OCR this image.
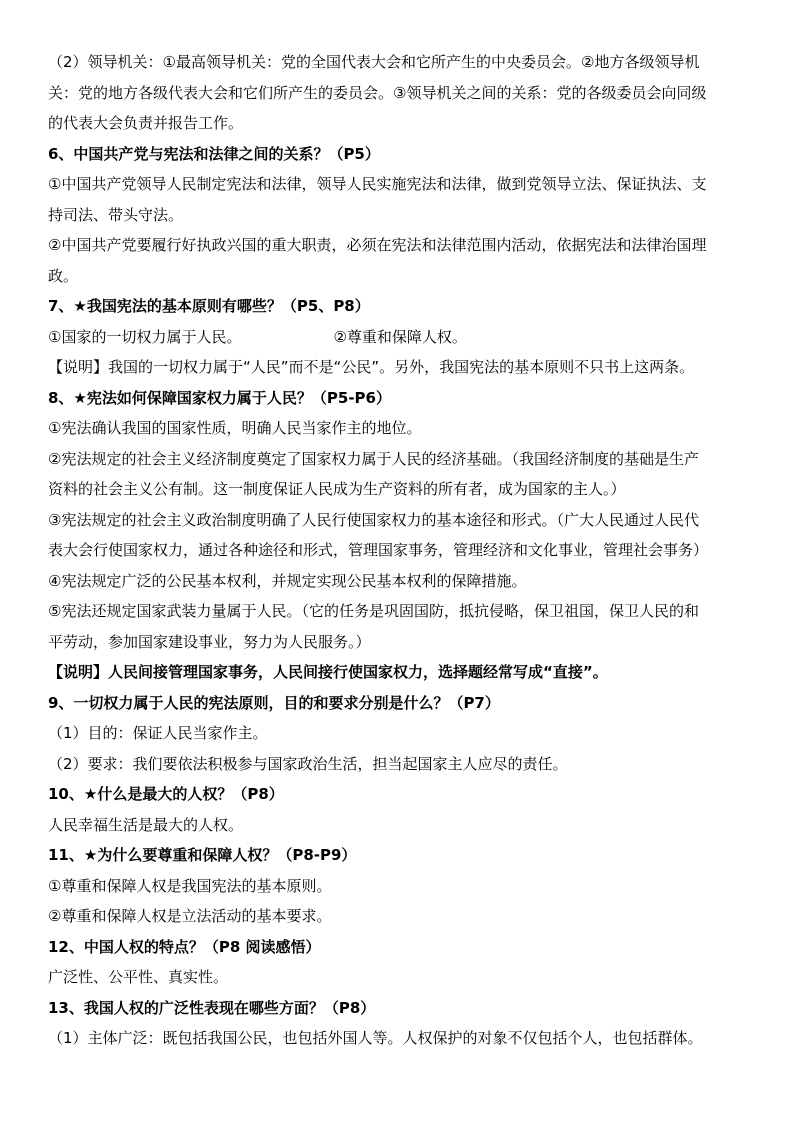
（2）领导机关：①最高领导机关：党的全国代表大会和它所产生的中央委员会。②地方各级领导机
关：党的地方各级代表大会和它们所产生的委员会。③领导机关之间的关系：党的各级委员会向同级
的代表大会负责并报告工作。
6、中国共产党与宪法和法律之间的关系？（P5）
①中国共产党领导人民制定宪法和法律，领导人民实施宪法和法律，做到党领导立法、保证执法、支
持司法、带头守法。
②中国共产党要履行好执政兴国的重大职责，必须在宪法和法律范围内活动，依据宪法和法律治国理
政。
7、★我国宪法的基本原则有哪些？（P5、P8）
①国家的一切权力属于人民。	②尊重和保障人权。
【说明】我国的一切权力属于“人民”而不是“公民”。另外，我国宪法的基本原则不只书上这两条。
8、★宪法如何保障国家权力属于人民？（P5-P6）
①宪法确认我国的国家性质，明确人民当家作主的地位。
②宪法规定的社会主义经济制度奠定了国家权力属于人民的经济基础。（我国经济制度的基础是生产
资料的社会主义公有制。这一制度保证人民成为生产资料的所有者，成为国家的主人。）
③宪法规定的社会主义政治制度明确了人民行使国家权力的基本途径和形式。（广大人民通过人民代
表大会行使国家权力，通过各种途径和形式，管理国家事务，管理经济和文化事业，管理社会事务）
④宪法规定广泛的公民基本权利，并规定实现公民基本权利的保障措施。
⑤宪法还规定国家武装力量属于人民。（它的任务是巩固国防，抵抗侵略，保卫祖国，保卫人民的和
平劳动，参加国家建设事业，努力为人民服务。）
【说明】人民间接管理国家事务，人民间接行使国家权力，选择题经常写成“直接”。
9、一切权力属于人民的宪法原则，目的和要求分别是什么？（P7）
（1）目的：保证人民当家作主。
（2）要求：我们要依法积极参与国家政治生活，担当起国家主人应尽的责任。
10、★什么是最大的人权？（P8）
人民幸福生活是最大的人权。
11、★为什么要尊重和保障人权？（P8-P9）
①尊重和保障人权是我国宪法的基本原则。
②尊重和保障人权是立法活动的基本要求。
12、中国人权的特点？（P8 阅读感悟）
广泛性、公平性、真实性。
13、我国人权的广泛性表现在哪些方面？（P8）
（1）主体广泛：既包括我国公民，也包括外国人等。人权保护的对象不仅包括个人，也包括群体。
